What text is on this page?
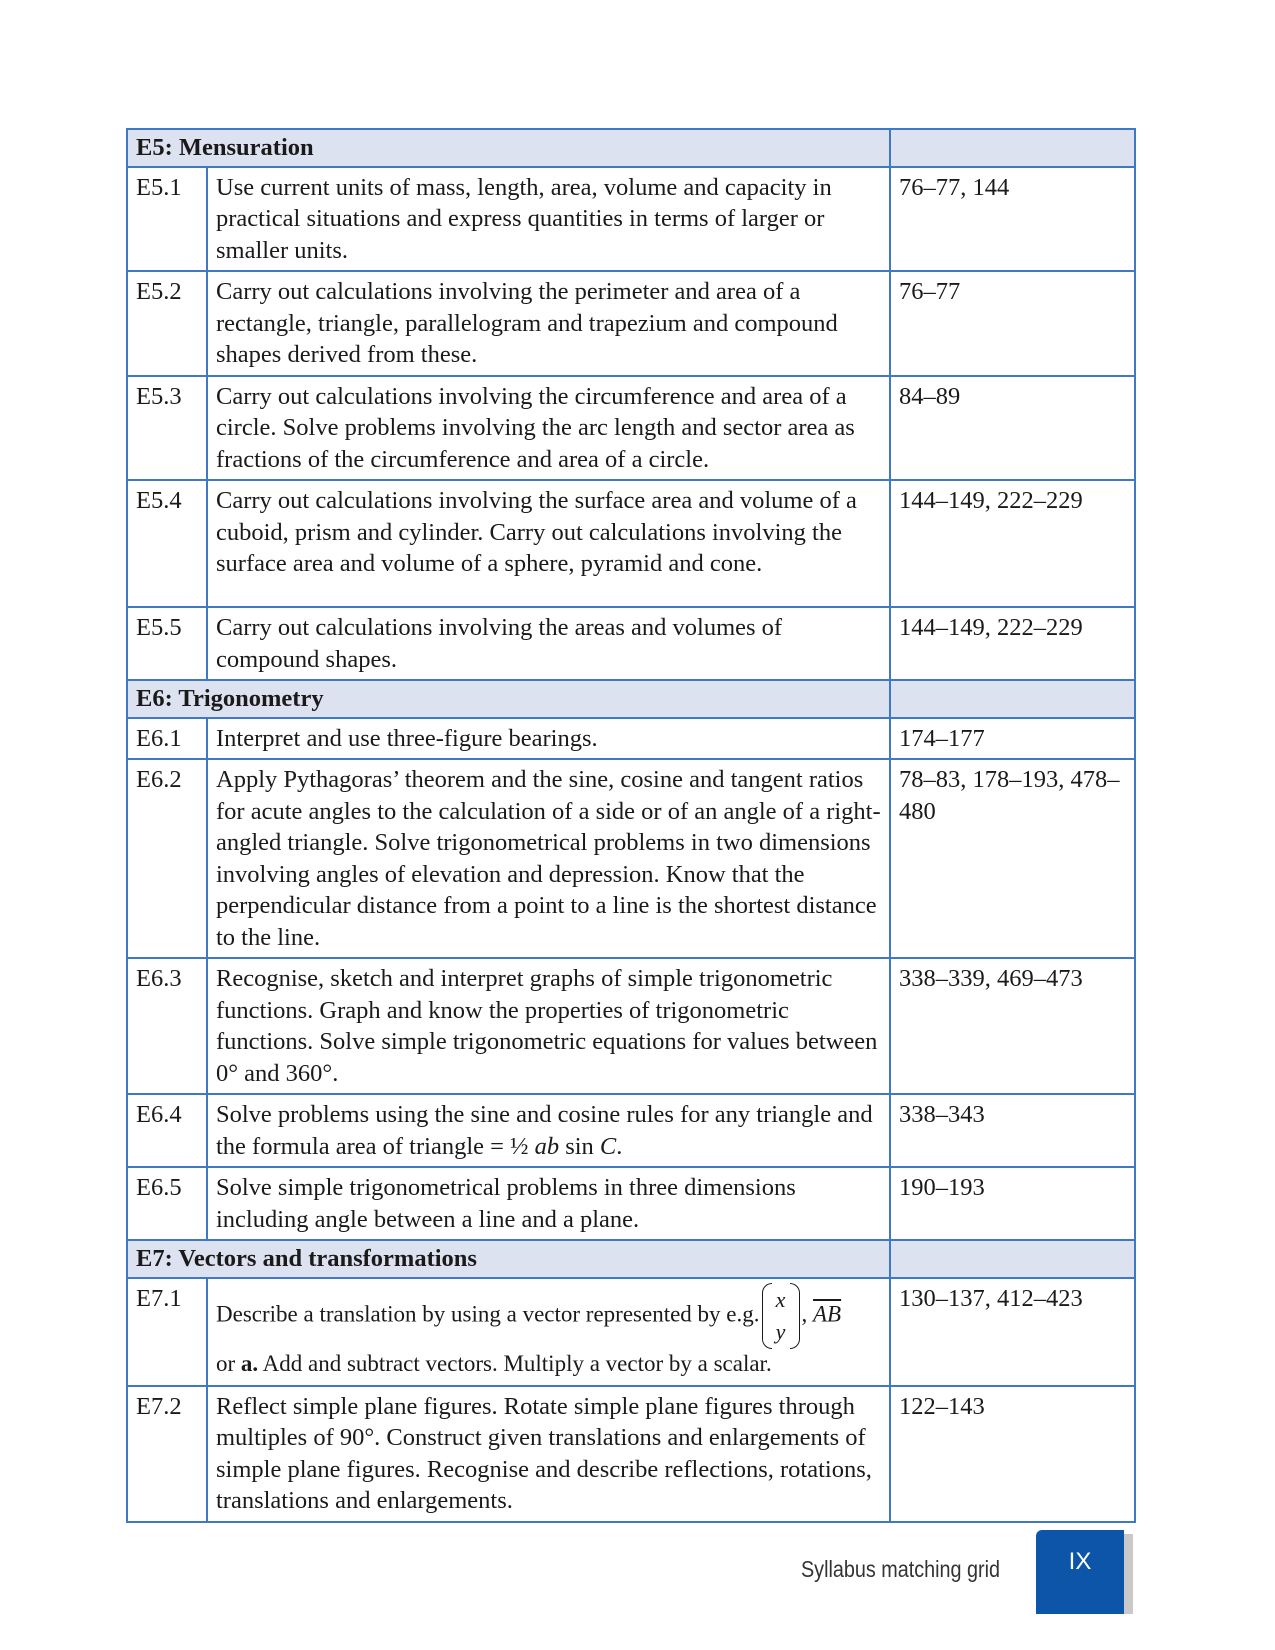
E5: Mensuration		
E5.1	Use current units of mass, length, area, volume and capacity in practical situations and express quantities in terms of larger or smaller units.	76–77, 144
E5.2	Carry out calculations involving the perimeter and area of a rectangle, triangle, parallelogram and trapezium and compound shapes derived from these.	76–77
E5.3	Carry out calculations involving the circumference and area of a circle. Solve problems involving the arc length and sector area as fractions of the circumference and area of a circle.	84–89
E5.4	Carry out calculations involving the surface area and volume of a cuboid, prism and cylinder. Carry out calculations involving the surface area and volume of a sphere, pyramid and cone.	144–149, 222–229
E5.5	Carry out calculations involving the areas and volumes of compound shapes.	144–149, 222–229
E6: Trigonometry		
E6.1	Interpret and use three-figure bearings.	174–177
E6.2	Apply Pythagoras’ theorem and the sine, cosine and tangent ratios for acute angles to the calculation of a side or of an angle of a right-angled triangle. Solve trigonometrical problems in two dimensions involving angles of elevation and depression. Know that the perpendicular distance from a point to a line is the shortest distance to the line.	78–83, 178–193, 478–480
E6.3	Recognise, sketch and interpret graphs of simple trigonometric functions. Graph and know the properties of trigonometric functions. Solve simple trigonometric equations for values between 0° and 360°.	338–339, 469–473
E6.4	Solve problems using the sine and cosine rules for any triangle and the formula area of triangle = ½ ab sin C.	338–343
E6.5	Solve simple trigonometrical problems in three dimensions including angle between a line and a plane.	190–193
E7: Vectors and transformations		
E7.1	Describe a translation by using a vector represented by e.g.
x
y
, $\overline{AB}$
or a. Add and subtract vectors. Multiply a vector by a scalar.	130–137, 412–423
E7.2	Reflect simple plane figures. Rotate simple plane figures through multiples of 90°. Construct given translations and enlargements of simple plane figures. Recognise and describe reflections, rotations, translations and enlargements.	122–143
Syllabus matching grid	IX
